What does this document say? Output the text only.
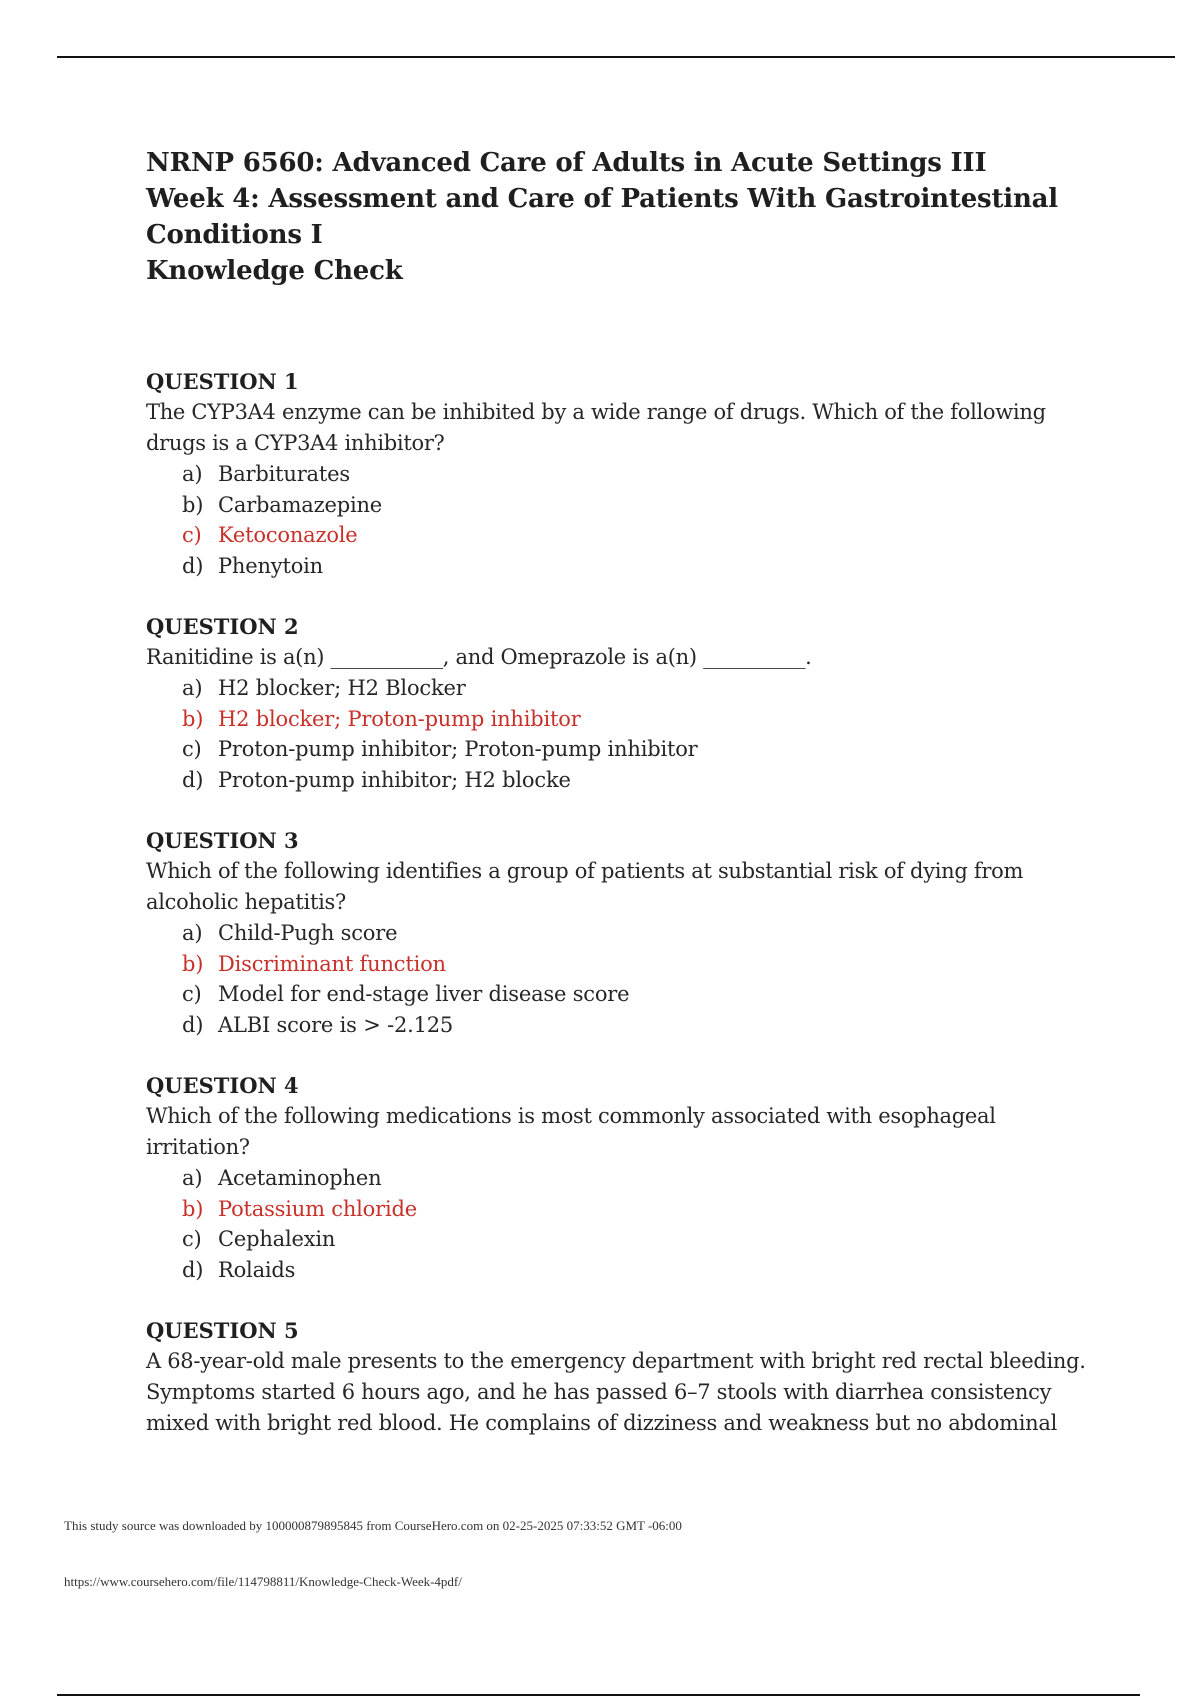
NRNP 6560: Advanced Care of Adults in Acute Settings III
Week 4: Assessment and Care of Patients With Gastrointestinal
Conditions I
Knowledge Check
QUESTION 1
The CYP3A4 enzyme can be inhibited by a wide range of drugs. Which of the following drugs is a CYP3A4 inhibitor?
a) Barbiturates
b) Carbamazepine
c) Ketoconazole
d) Phenytoin
QUESTION 2
Ranitidine is a(n) ___________, and Omeprazole is a(n) __________.
a) H2 blocker; H2 Blocker
b) H2 blocker; Proton-pump inhibitor
c) Proton-pump inhibitor; Proton-pump inhibitor
d) Proton-pump inhibitor; H2 blocke
QUESTION 3
Which of the following identifies a group of patients at substantial risk of dying from alcoholic hepatitis?
a) Child-Pugh score
b) Discriminant function
c) Model for end-stage liver disease score
d) ALBI score is > -2.125
QUESTION 4
Which of the following medications is most commonly associated with esophageal irritation?
a) Acetaminophen
b) Potassium chloride
c) Cephalexin
d) Rolaids
QUESTION 5
A 68-year-old male presents to the emergency department with bright red rectal bleeding. Symptoms started 6 hours ago, and he has passed 6–7 stools with diarrhea consistency mixed with bright red blood. He complains of dizziness and weakness but no abdominal
This study source was downloaded by 100000879895845 from CourseHero.com on 02-25-2025 07:33:52 GMT -06:00
https://www.coursehero.com/file/114798811/Knowledge-Check-Week-4pdf/
